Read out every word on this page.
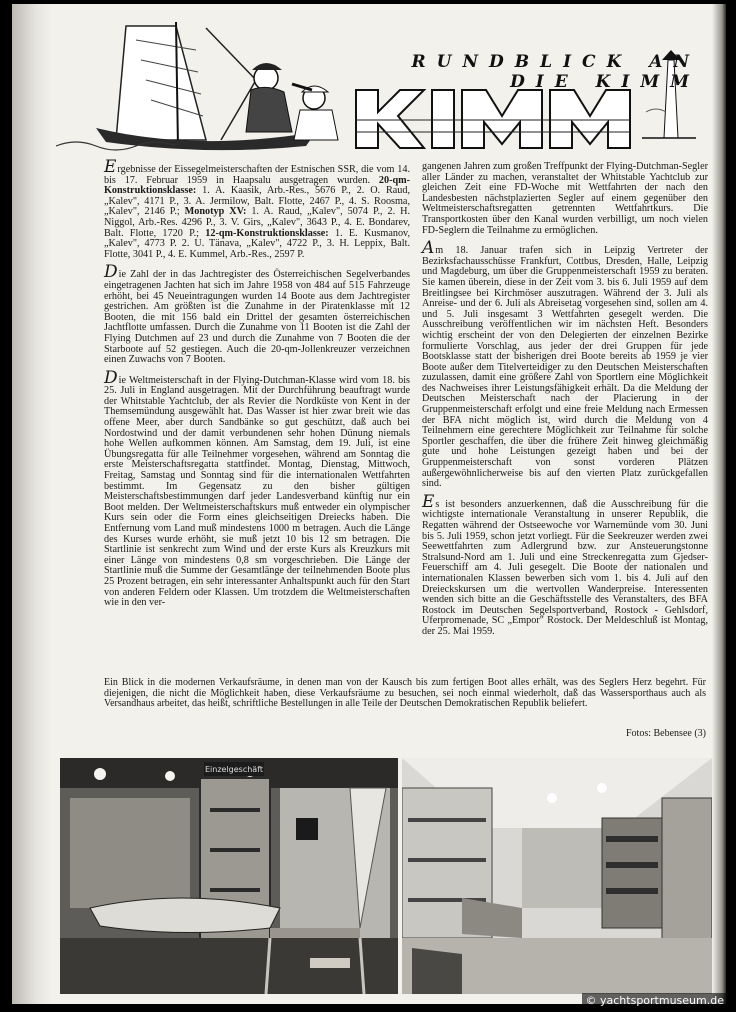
RUNDBLICK AN DIE KIMM

Ergebnisse der Eissegelmeisterschaften der Estnischen SSR, die vom 14. bis 17. Februar 1959 in Haapsalu ausgetragen wurden. 20-qm-Konstruktionsklasse: 1. A. Kaasik, Arb.-Res., 5676 P., 2. O. Raud, „Kalev", 4171 P., 3. A. Jermilow, Balt. Flotte, 2467 P., 4. S. Roosma, „Kalev", 2146 P.; Monotyp XV: 1. A. Raud, „Kalev", 5074 P., 2. H. Niggol, Arb.-Res. 4296 P., 3. V. Girs, „Kalev", 3643 P., 4. E. Bondarev, Balt. Flotte, 1720 P.; 12-qm-Konstruktionsklasse: 1. E. Kusmanov, „Kalev", 4773 P. 2. U. Tänava, „Kalev", 4722 P., 3. H. Leppix, Balt. Flotte, 3041 P., 4. E. Kummel, Arb.-Res., 2597 P.

Die Zahl der in das Jachtregister des Österreichischen Segelverbandes eingetragenen Jachten hat sich im Jahre 1958 von 484 auf 515 Fahrzeuge erhöht, bei 45 Neueintragungen wurden 14 Boote aus dem Jachtregister gestrichen. Am größten ist die Zunahme in der Piratenklasse mit 12 Booten, die mit 156 bald ein Drittel der gesamten österreichischen Jachtflotte umfassen. Durch die Zunahme von 11 Booten ist die Zahl der Flying Dutchmen auf 23 und durch die Zunahme von 7 Booten die der Starboote auf 52 gestiegen. Auch die 20-qm-Jollenkreuzer verzeichnen einen Zuwachs von 7 Booten.

Die Weltmeisterschaft in der Flying-Dutchman-Klasse wird vom 18. bis 25. Juli in England ausgetragen. Mit der Durchführung beauftragt wurde der Whitstable Yachtclub, der als Revier die Nordküste von Kent in der Themsemündung ausgewählt hat. Das Wasser ist hier zwar breit wie das offene Meer, aber durch Sandbänke so gut geschützt, daß auch bei Nordostwind und der damit verbundenen sehr hohen Dünung niemals hohe Wellen aufkommen können. Am Samstag, dem 19. Juli, ist eine Übungsregatta für alle Teilnehmer vorgesehen, während am Sonntag die erste Meisterschaftsregatta stattfindet. Montag, Dienstag, Mittwoch, Freitag, Samstag und Sonntag sind für die internationalen Wettfahrten bestimmt. Im Gegensatz zu den bisher gültigen Meisterschaftsbestimmungen darf jeder Landesverband künftig nur ein Boot melden. Der Weltmeisterschaftskurs muß entweder ein olympischer Kurs sein oder die Form eines gleichseitigen Dreiecks haben. Die Entfernung vom Land muß mindestens 1000 m betragen. Auch die Länge des Kurses wurde erhöht, sie muß jetzt 10 bis 12 sm betragen. Die Startlinie ist senkrecht zum Wind und der erste Kurs als Kreuzkurs mit einer Länge von mindestens 0,8 sm vorgeschrieben. Die Länge der Startlinie muß die Summe der Gesamtlänge der teilnehmenden Boote plus 25 Prozent betragen, ein sehr interessanter Anhaltspunkt auch für den Start von anderen Feldern oder Klassen. Um trotzdem die Weltmeisterschaften wie in den ver-

gangenen Jahren zum großen Treffpunkt der Flying-Dutchman-Segler aller Länder zu machen, veranstaltet der Whitstable Yachtclub zur gleichen Zeit eine FD-Woche mit Wettfahrten der nach den Landesbesten nächstplazierten Segler auf einem gegenüber den Weltmeisterschaftsregatten getrennten Wettfahrtkurs. Die Transportkosten über den Kanal wurden verbilligt, um noch vielen FD-Seglern die Teilnahme zu ermöglichen.

Am 18. Januar trafen sich in Leipzig Vertreter der Bezirksfachausschüsse Frankfurt, Cottbus, Dresden, Halle, Leipzig und Magdeburg, um über die Gruppenmeisterschaft 1959 zu beraten. Sie kamen überein, diese in der Zeit vom 3. bis 6. Juli 1959 auf dem Breitlingsee bei Kirchmöser auszutragen. Während der 3. Juli als Anreise- und der 6. Juli als Abreisetag vorgesehen sind, sollen am 4. und 5. Juli insgesamt 3 Wettfahrten gesegelt werden. Die Ausschreibung veröffentlichen wir im nächsten Heft. Besonders wichtig erscheint der von den Delegierten der einzelnen Bezirke formulierte Vorschlag, aus jeder der drei Gruppen für jede Bootsklasse statt der bisherigen drei Boote bereits ab 1959 je vier Boote außer dem Titelverteidiger zu den Deutschen Meisterschaften zuzulassen, damit eine größere Zahl von Sportlern eine Möglichkeit des Nachweises ihrer Leistungsfähigkeit erhält. Da die Meldung der Deutschen Meisterschaft nach der Placierung in der Gruppenmeisterschaft erfolgt und eine freie Meldung nach Ermessen der BFA nicht möglich ist, wird durch die Meldung von 4 Teilnehmern eine gerechtere Möglichkeit zur Teilnahme für solche Sportler geschaffen, die über die frühere Zeit hinweg gleichmäßig gute und hohe Leistungen gezeigt haben und bei der Gruppenmeisterschaft von sonst vorderen Plätzen außergewöhnlicherweise bis auf den vierten Platz zurückgefallen sind.

Es ist besonders anzuerkennen, daß die Ausschreibung für die wichtigste internationale Veranstaltung in unserer Republik, die Regatten während der Ostseewoche vor Warnemünde vom 30. Juni bis 5. Juli 1959, schon jetzt vorliegt. Für die Seekreuzer werden zwei Seewettfahrten zum Adlergrund bzw. zur Ansteuerungstonne Stralsund-Nord am 1. Juli und eine Streckenregatta zum Gjedser-Feuerschiff am 4. Juli gesegelt. Die Boote der nationalen und internationalen Klassen bewerben sich vom 1. bis 4. Juli auf den Dreieckskursen um die wertvollen Wanderpreise. Interessenten wenden sich bitte an die Geschäftsstelle des Veranstalters, des BFA Rostock im Deutschen Segelsportverband, Rostock - Gehlsdorf, Uferpromenade, SC „Empor" Rostock. Der Meldeschluß ist Montag, der 25. Mai 1959.

Ein Blick in die modernen Verkaufsräume, in denen man von der Kausch bis zum fertigen Boot alles erhält, was des Seglers Herz begehrt. Für diejenigen, die nicht die Möglichkeit haben, diese Verkaufsräume zu besuchen, sei noch einmal wiederholt, daß das Wassersporthaus auch als Versandhaus arbeitet, das heißt, schriftliche Bestellungen in alle Teile der Deutschen Demokratischen Republik beliefert.
Fotos: Bebensee (3)
Einzelgeschäft
© yachtsportmuseum.de
